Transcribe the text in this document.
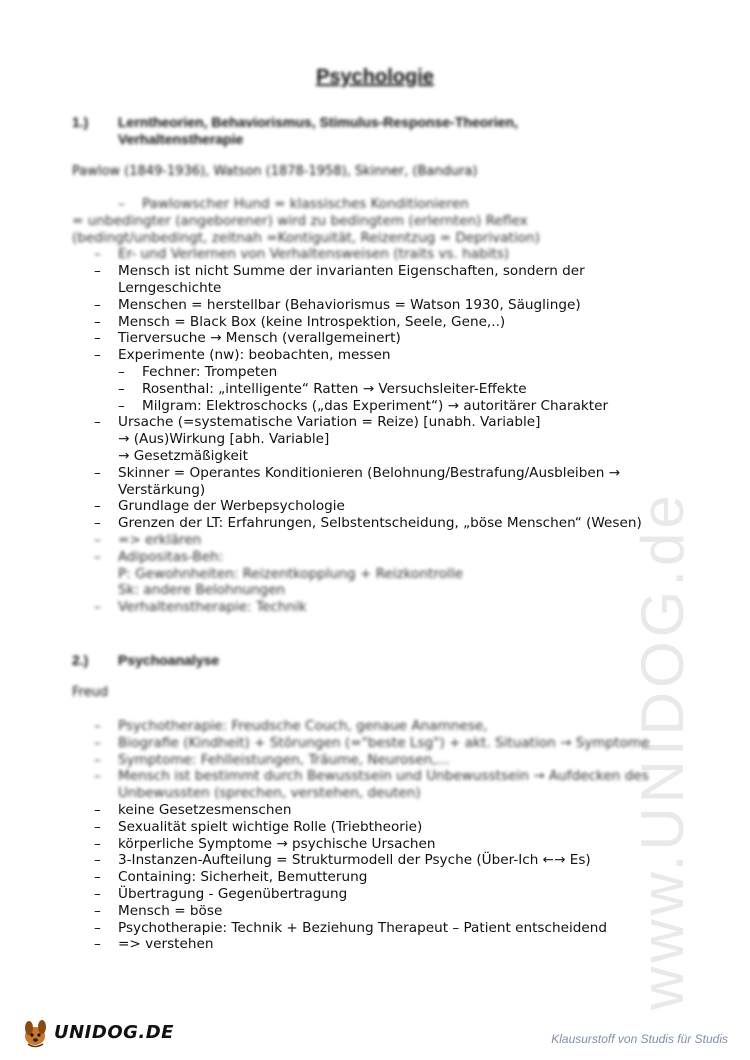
www.UNIDOG.de
Psychologie
1.) Lerntheorien, Behaviorismus, Stimulus-Response-Theorien, Verhaltenstherapie
Pawlow (1849-1936), Watson (1878-1958), Skinner, (Bandura)
– Pawlowscher Hund = klassisches Konditionieren
= unbedingter (angeborener) wird zu bedingtem (erlernten) Reflex
(bedingt/unbedingt, zeitnah =Kontiguität, Reizentzug = Deprivation)
– Er- und Verlernen von Verhaltensweisen (traits vs. habits)
– Mensch ist nicht Summe der invarianten Eigenschaften, sondern der
Lerngeschichte
– Menschen = herstellbar (Behaviorismus = Watson 1930, Säuglinge)
– Mensch = Black Box (keine Introspektion, Seele, Gene,..)
– Tierversuche → Mensch (verallgemeinert)
– Experimente (nw): beobachten, messen
– Fechner: Trompeten
– Rosenthal: „intelligente“ Ratten → Versuchsleiter-Effekte
– Milgram: Elektroschocks („das Experiment“) → autoritärer Charakter
– Ursache (=systematische Variation = Reize) [unabh. Variable]
→ (Aus)Wirkung [abh. Variable]
→ Gesetzmäßigkeit
– Skinner = Operantes Konditionieren (Belohnung/Bestrafung/Ausbleiben →
Verstärkung)
– Grundlage der Werbepsychologie
– Grenzen der LT: Erfahrungen, Selbstentscheidung, „böse Menschen“ (Wesen)
– => erklären
– Adipositas-Beh:
P: Gewohnheiten: Reizentkopplung + Reizkontrolle
Sk: andere Belohnungen
– Verhaltenstherapie: Technik
2.) Psychoanalyse
Freud
– Psychotherapie: Freudsche Couch, genaue Anamnese,
– Biografie (Kindheit) + Störungen (="beste Lsg") + akt. Situation → Symptome
– Symptome: Fehlleistungen, Träume, Neurosen,...
– Mensch ist bestimmt durch Bewusstsein und Unbewusstsein → Aufdecken des
Unbewussten (sprechen, verstehen, deuten)
– keine Gesetzesmenschen
– Sexualität spielt wichtige Rolle (Triebtheorie)
– körperliche Symptome → psychische Ursachen
– 3-Instanzen-Aufteilung = Strukturmodell der Psyche (Über-Ich ←→ Es)
– Containing: Sicherheit, Bemutterung
– Übertragung - Gegenübertragung
– Mensch = böse
– Psychotherapie: Technik + Beziehung Therapeut – Patient entscheidend
– => verstehen
UNIDOG.DE	Klausurstoff von Studis für Studis
